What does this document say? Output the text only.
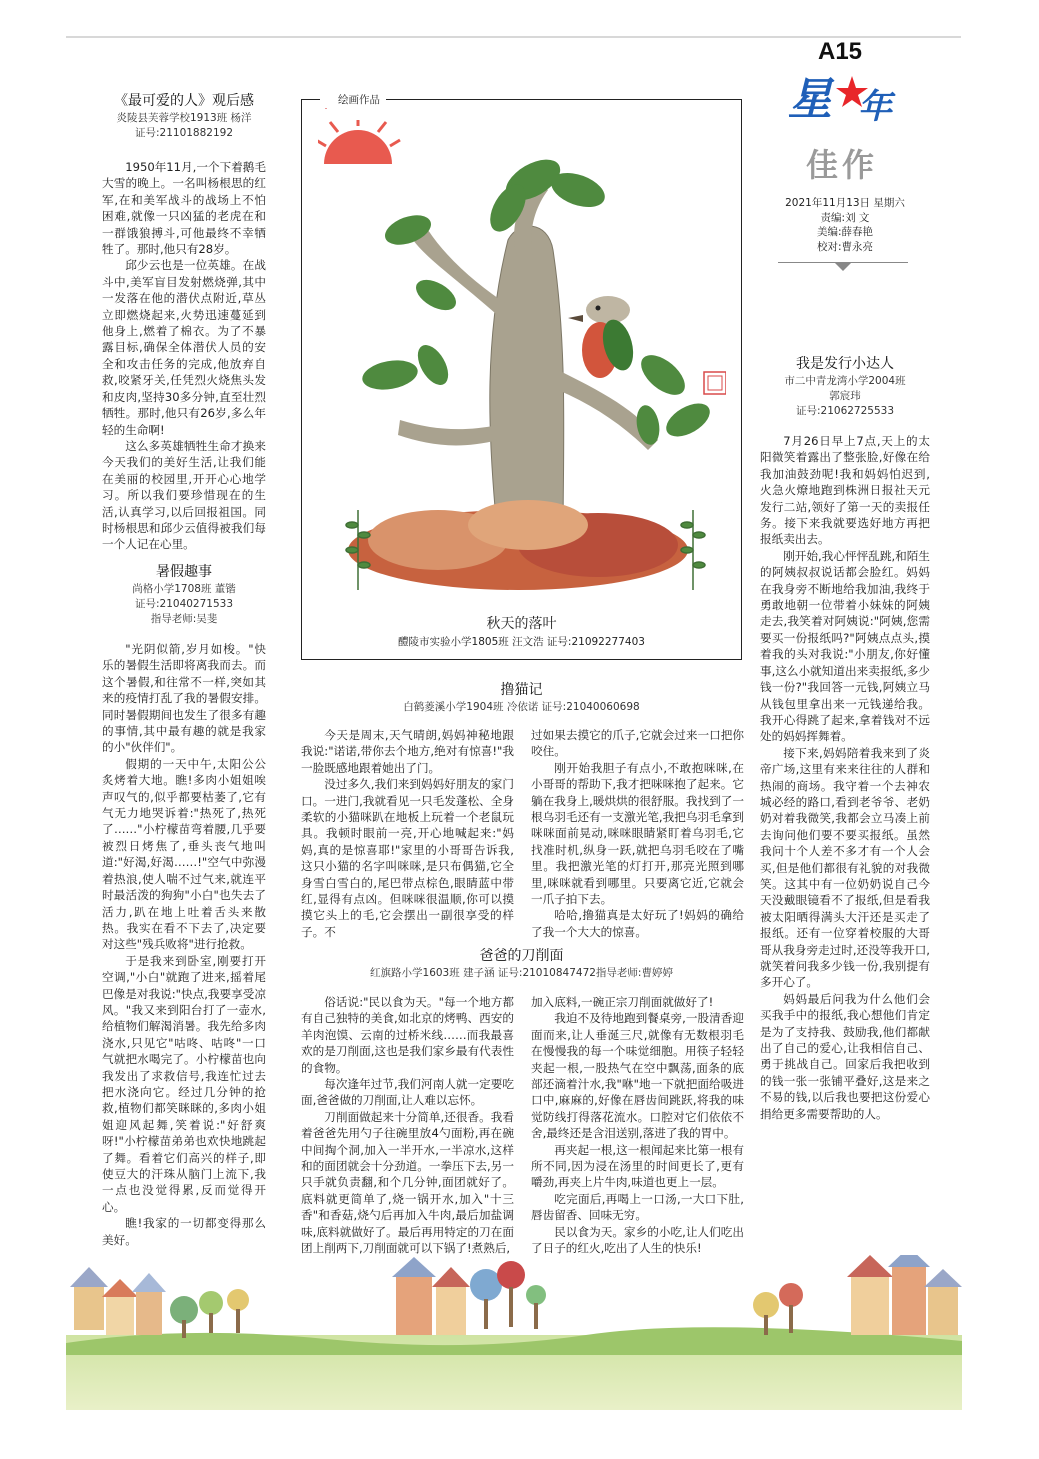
A15
星 年
佳作
2021年11月13日 星期六
责编:刘 文
美编:薛春艳
校对:曹永亮
《最可爱的人》观后感
炎陵县芙蓉学校1913班 杨洋
证号:21101882192

1950年11月,一个下着鹅毛大雪的晚上。一名叫杨根思的红军,在和美军战斗的战场上不怕困难,就像一只凶猛的老虎在和一群饿狼搏斗,可他最终不幸牺牲了。那时,他只有28岁。

邱少云也是一位英雄。在战斗中,美军盲目发射燃烧弹,其中一发落在他的潜伏点附近,草丛立即燃烧起来,火势迅速蔓延到他身上,燃着了棉衣。为了不暴露目标,确保全体潜伏人员的安全和攻击任务的完成,他放弃自救,咬紧牙关,任凭烈火烧焦头发和皮肉,坚持30多分钟,直至壮烈牺牲。那时,他只有26岁,多么年轻的生命啊!

这么多英雄牺牲生命才换来今天我们的美好生活,让我们能在美丽的校园里,开开心心地学习。所以我们要珍惜现在的生活,认真学习,以后回报祖国。同时杨根思和邱少云值得被我们每一个人记在心里。

暑假趣事
尚格小学1708班 董锴
证号:21040271533
指导老师:吴斐

"光阴似箭,岁月如梭。"快乐的暑假生活即将离我而去。而这个暑假,和往常不一样,突如其来的疫情打乱了我的暑假安排。同时暑假期间也发生了很多有趣的事情,其中最有趣的就是我家的小"伙伴们"。

假期的一天中午,太阳公公炙烤着大地。瞧!多肉小姐姐唉声叹气的,似乎都要枯萎了,它有气无力地哭诉着:"热死了,热死了……"小柠檬苗弯着腰,几乎要被烈日烤焦了,垂头丧气地叫道:"好渴,好渴……!"空气中弥漫着热浪,使人喘不过气来,就连平时最活泼的狗狗"小白"也失去了活力,趴在地上吐着舌头来散热。我实在看不下去了,决定要对这些"残兵败将"进行抢救。

于是我来到卧室,刚要打开空调,"小白"就跑了进来,摇着尾巴像是对我说:"快点,我要享受凉风。"我又来到阳台打了一壶水,给植物们解渴消暑。我先给多肉浇水,只见它"咕咚、咕咚"一口气就把水喝完了。小柠檬苗也向我发出了求救信号,我连忙过去把水浇向它。经过几分钟的抢救,植物们都笑眯眯的,多肉小姐姐迎风起舞,笑着说:"好舒爽呀!"小柠檬苗弟弟也欢快地跳起了舞。看着它们高兴的样子,即使豆大的汗珠从脑门上流下,我一点也没觉得累,反而觉得开心。

瞧!我家的一切都变得那么美好。

绘画作品
秋天的落叶
醴陵市实验小学1805班 汪文浩 证号:21092277403
撸猫记
白鹤菱溪小学1904班 冷依诺 证号:21040060698

今天是周末,天气晴朗,妈妈神秘地跟我说:"诺诺,带你去个地方,绝对有惊喜!"我一脸既感地跟着她出了门。

没过多久,我们来到妈妈好朋友的家门口。一进门,我就看见一只毛发蓬松、全身柔软的小猫咪趴在地板上玩着一个老鼠玩具。我顿时眼前一亮,开心地喊起来:"妈妈,真的是惊喜耶!"家里的小哥哥告诉我,这只小猫的名字叫咪咪,是只布偶猫,它全身雪白雪白的,尾巴带点棕色,眼睛蓝中带红,显得有点凶。但咪咪很温顺,你可以摸摸它头上的毛,它会摆出一副很享受的样子。不

过如果去摸它的爪子,它就会过来一口把你咬住。

刚开始我胆子有点小,不敢抱咪咪,在小哥哥的帮助下,我才把咪咪抱了起来。它躺在我身上,暖烘烘的很舒服。我找到了一根乌羽毛还有一支激光笔,我把乌羽毛拿到咪咪面前晃动,咪咪眼睛紧盯着乌羽毛,它找准时机,纵身一跃,就把乌羽毛咬在了嘴里。我把激光笔的灯打开,那亮光照到哪里,咪咪就看到哪里。只要离它近,它就会一爪子拍下去。

哈哈,撸猫真是太好玩了!妈妈的确给了我一个大大的惊喜。

爸爸的刀削面
红旗路小学1603班 建子涵 证号:21010847472指导老师:曹婷婷

俗话说:"民以食为天。"每一个地方都有自己独特的美食,如北京的烤鸭、西安的羊肉泡馍、云南的过桥米线……而我最喜欢的是刀削面,这也是我们家乡最有代表性的食物。

每次逢年过节,我们河南人就一定要吃面,爸爸做的刀削面,让人难以忘怀。

刀削面做起来十分简单,还很香。我看着爸爸先用勺子往碗里放4勺面粉,再在碗中间掏个洞,加入一半开水,一半凉水,这样和的面团就会十分劲道。一拳压下去,另一只手就负责翻,和个几分钟,面团就好了。底料就更简单了,烧一锅开水,加入"十三香"和香菇,烧勺后再加入牛肉,最后加盐调味,底料就做好了。最后再用特定的刀在面团上削两下,刀削面就可以下锅了!煮熟后,

加入底料,一碗正宗刀削面就做好了!

我迫不及待地跑到餐桌旁,一股清香迎面而来,让人垂涎三尺,就像有无数根羽毛在慢慢我的每一个味觉细胞。用筷子轻轻夹起一根,一股热气在空中飘荡,面条的底部还滴着汁水,我"咻"地一下就把面给吸进口中,麻麻的,好像在唇齿间跳跃,将我的味觉防线打得落花流水。口腔对它们依依不舍,最终还是含泪送别,落进了我的胃中。

再夹起一根,这一根闻起来比第一根有所不同,因为浸在汤里的时间更长了,更有嚼劲,再夹上片牛肉,味道也更上一层。

吃完面后,再喝上一口汤,一大口下肚,唇齿留香、回味无穷。

民以食为天。家乡的小吃,让人们吃出了日子的红火,吃出了人生的快乐!

我是发行小达人
市二中青龙湾小学2004班
郭宸玮
证号:21062725533

7月26日早上7点,天上的太阳微笑着露出了整张脸,好像在给我加油鼓劲呢!我和妈妈怕迟到,火急火燎地跑到株洲日报社天元发行二站,领好了第一天的卖报任务。接下来我就要选好地方再把报纸卖出去。

刚开始,我心怦怦乱跳,和陌生的阿姨叔叔说话都会脸红。妈妈在我身旁不断地给我加油,我终于勇敢地朝一位带着小妹妹的阿姨走去,我笑着对阿姨说:"阿姨,您需要买一份报纸吗?"阿姨点点头,摸着我的头对我说:"小朋友,你好懂事,这么小就知道出来卖报纸,多少钱一份?"我回答一元钱,阿姨立马从钱包里拿出来一元钱递给我。我开心得跳了起来,拿着钱对不远处的妈妈挥舞着。

接下来,妈妈陪着我来到了炎帝广场,这里有来来往往的人群和热闹的商场。我守着一个去神农城必经的路口,看到老爷爷、老奶奶对着我微笑,我都会立马凑上前去询问他们要不要买报纸。虽然我问十个人差不多才有一个人会买,但是他们都很有礼貌的对我微笑。这其中有一位奶奶说自己今天没戴眼镜看不了报纸,但是看我被太阳晒得满头大汗还是买走了报纸。还有一位穿着校服的大哥哥从我身旁走过时,还没等我开口,就笑着问我多少钱一份,我别提有多开心了。

妈妈最后问我为什么他们会买我手中的报纸,我心想他们肯定是为了支持我、鼓励我,他们都献出了自己的爱心,让我相信自己、勇于挑战自己。回家后我把收到的钱一张一张铺平叠好,这是来之不易的钱,以后我也要把这份爱心捐给更多需要帮助的人。
